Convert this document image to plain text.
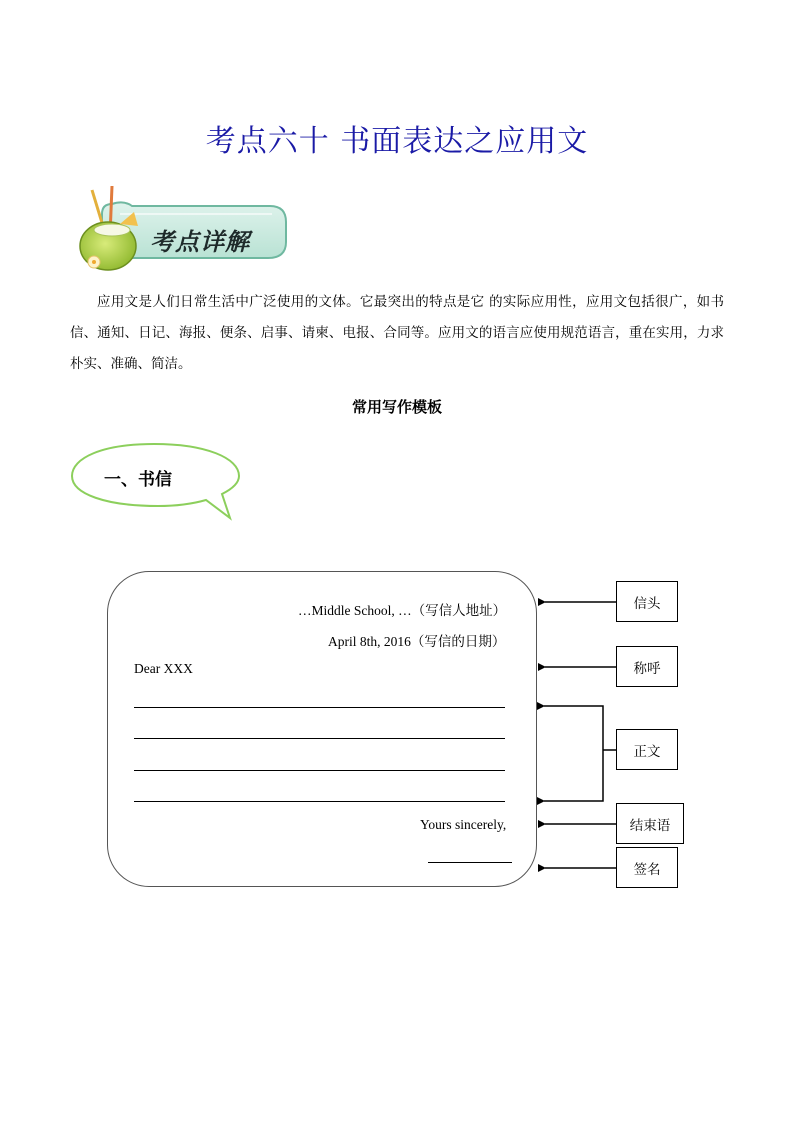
考点六十 书面表达之应用文
考点详解

应用文是人们日常生活中广泛使用的文体。它最突出的特点是它 的实际应用性，应用文包括很广，如书信、通知、日记、海报、便条、启事、请柬、电报、合同等。应用文的语言应使用规范语言，重在实用，力求朴实、准确、简洁。

常用写作模板
一、书信
…Middle School, …（写信人地址）
April 8th, 2016（写信的日期）
Dear XXX
Yours sincerely,
信头
称呼
正文
结束语
签名
